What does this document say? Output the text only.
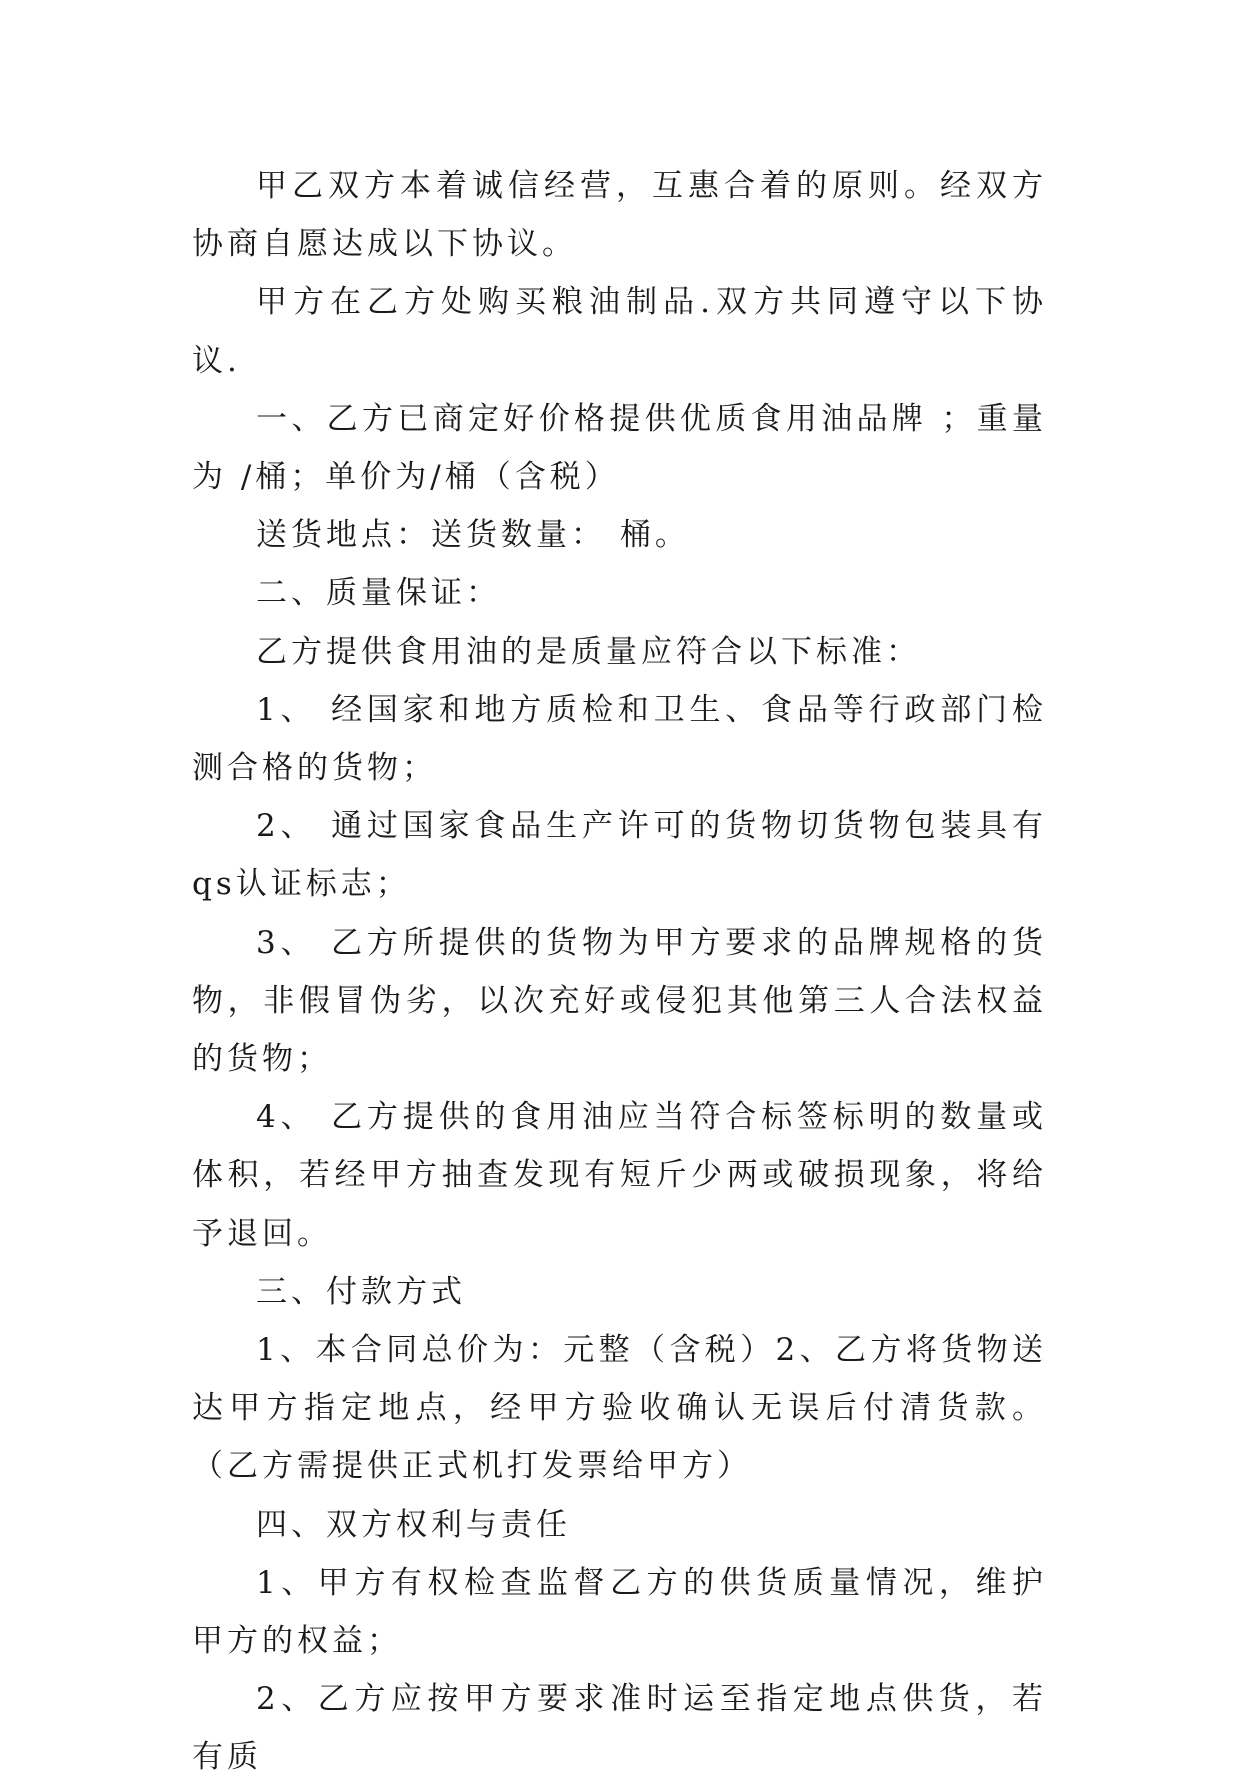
甲乙双方本着诚信经营，互惠合着的原则。经双方协商自愿达成以下协议。

甲方在乙方处购买粮油制品.双方共同遵守以下协议.

一、乙方已商定好价格提供优质食用油品牌 ；重量为 /桶；单价为/桶（含税）

送货地点：送货数量： 桶。

二、质量保证：

乙方提供食用油的是质量应符合以下标准：

1、 经国家和地方质检和卫生、食品等行政部门检测合格的货物；

2、 通过国家食品生产许可的货物切货物包装具有qs认证标志；

3、 乙方所提供的货物为甲方要求的品牌规格的货物，非假冒伪劣，以次充好或侵犯其他第三人合法权益的货物；

4、 乙方提供的食用油应当符合标签标明的数量或体积，若经甲方抽查发现有短斤少两或破损现象，将给予退回。

三、付款方式

1、本合同总价为：元整（含税）2、乙方将货物送达甲方指定地点，经甲方验收确认无误后付清货款。（乙方需提供正式机打发票给甲方）

四、双方权利与责任

1、甲方有权检查监督乙方的供货质量情况，维护甲方的权益；

2、乙方应按甲方要求准时运至指定地点供货，若有质
